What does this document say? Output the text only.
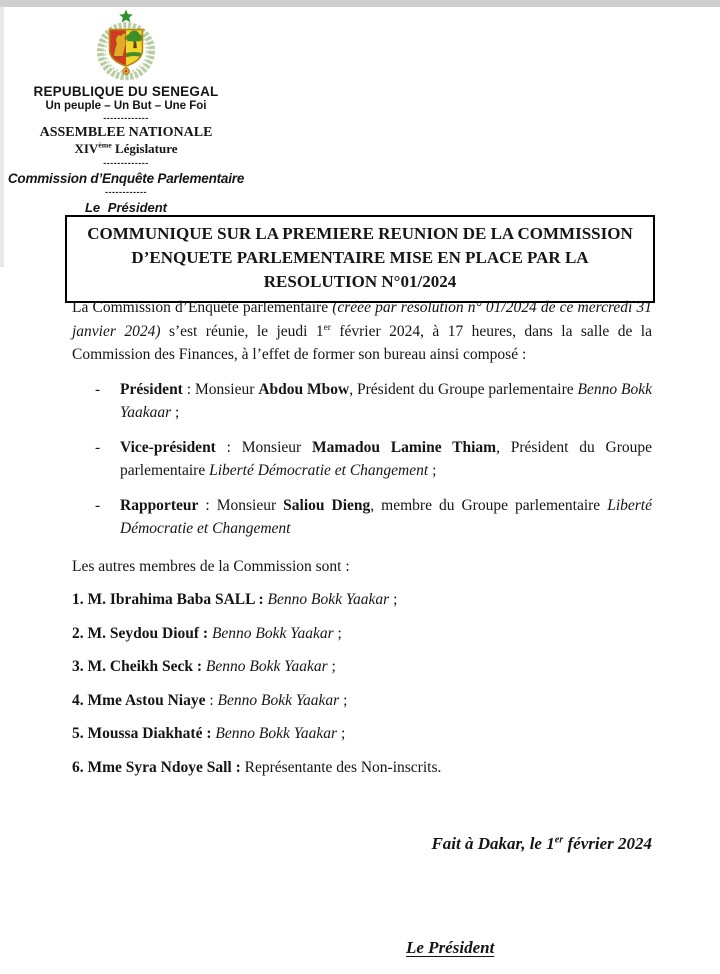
REPUBLIQUE DU SENEGAL
Un peuple – Un But – Une Foi
-------------
ASSEMBLEE NATIONALE
XIVème Législature
-------------
Commission d’Enquête Parlementaire
------------
Le Président
COMMUNIQUE SUR LA PREMIERE REUNION DE LA COMMISSION
D’ENQUETE PARLEMENTAIRE MISE EN PLACE PAR LA
RESOLUTION N°01/2024

La Commission d’Enquête parlementaire (créée par résolution n° 01/2024 de ce mercredi 31 janvier 2024) s’est réunie, le jeudi 1er février 2024, à 17 heures, dans la salle de la Commission des Finances, à l’effet de former son bureau ainsi composé :

-	Président : Monsieur Abdou Mbow, Président du Groupe parlementaire Benno Bokk Yaakaar ;
-	Vice-président : Monsieur Mamadou Lamine Thiam, Président du Groupe parlementaire Liberté Démocratie et Changement ;
-	Rapporteur : Monsieur Saliou Dieng, membre du Groupe parlementaire Liberté Démocratie et Changement

Les autres membres de la Commission sont :

1. M. Ibrahima Baba SALL : Benno Bokk Yaakar ;

2. M. Seydou Diouf : Benno Bokk Yaakar ;

3. M. Cheikh Seck : Benno Bokk Yaakar ;

4. Mme Astou Niaye : Benno Bokk Yaakar ;

5. Moussa Diakhaté : Benno Bokk Yaakar ;

6. Mme Syra Ndoye Sall : Représentante des Non-inscrits.

Fait à Dakar, le 1er février 2024
Le Président
